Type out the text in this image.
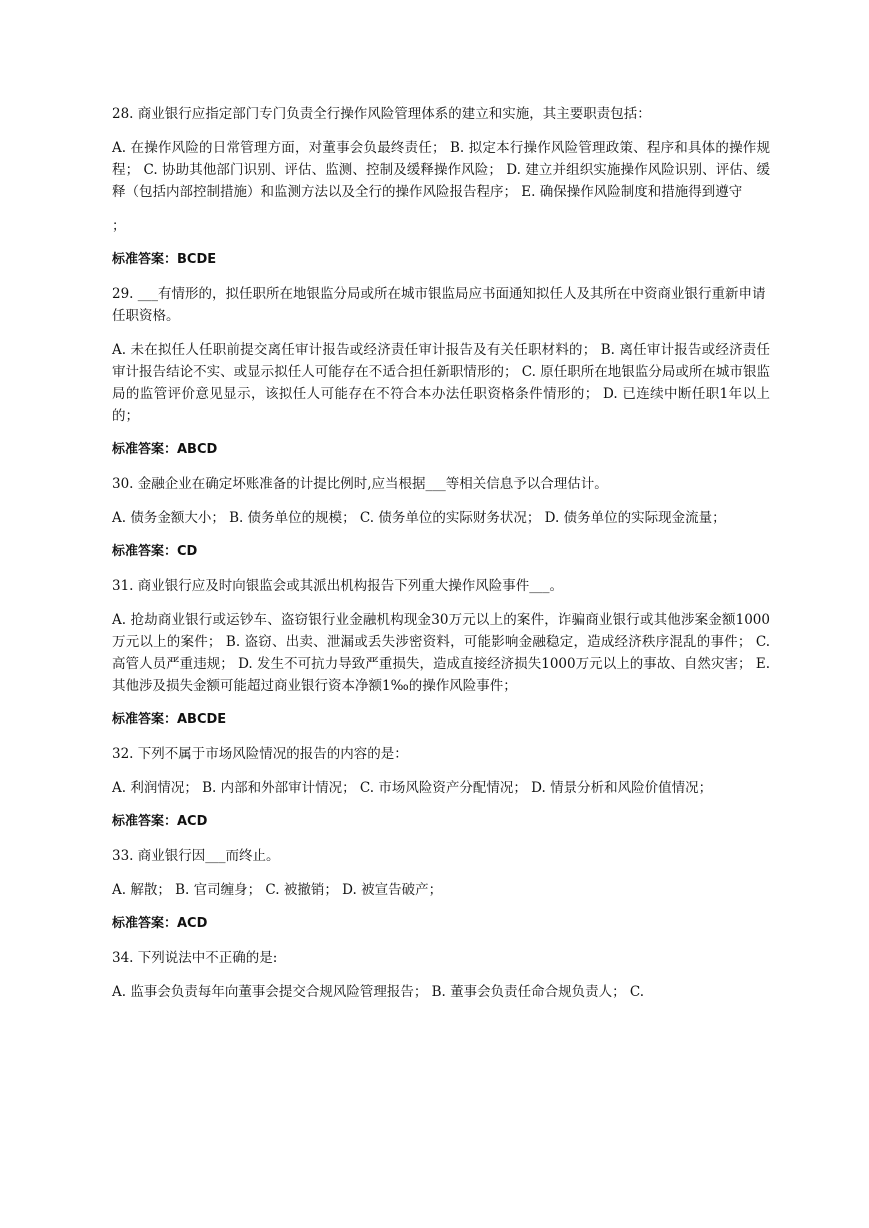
28. 商业银行应指定部门专门负责全行操作风险管理体系的建立和实施，其主要职责包括：

A. 在操作风险的日常管理方面，对董事会负最终责任； B. 拟定本行操作风险管理政策、程序和具体的操作规程； C. 协助其他部门识别、评估、监测、控制及缓释操作风险； D. 建立并组织实施操作风险识别、评估、缓释（包括内部控制措施）和监测方法以及全行的操作风险报告程序； E. 确保操作风险制度和措施得到遵守

；

标准答案：BCDE

29. ___有情形的，拟任职所在地银监分局或所在城市银监局应书面通知拟任人及其所在中资商业银行重新申请任职资格。

A. 未在拟任人任职前提交离任审计报告或经济责任审计报告及有关任职材料的； B. 离任审计报告或经济责任审计报告结论不实、或显示拟任人可能存在不适合担任新职情形的； C. 原任职所在地银监分局或所在城市银监局的监管评价意见显示，该拟任人可能存在不符合本办法任职资格条件情形的； D. 已连续中断任职1年以上的；

标准答案：ABCD

30. 金融企业在确定坏账准备的计提比例时,应当根据___等相关信息予以合理估计。

A. 债务金额大小； B. 债务单位的规模； C. 债务单位的实际财务状况； D. 债务单位的实际现金流量；

标准答案：CD

31. 商业银行应及时向银监会或其派出机构报告下列重大操作风险事件___。

A. 抢劫商业银行或运钞车、盗窃银行业金融机构现金30万元以上的案件，诈骗商业银行或其他涉案金额1000万元以上的案件； B. 盗窃、出卖、泄漏或丢失涉密资料，可能影响金融稳定，造成经济秩序混乱的事件； C. 高管人员严重违规； D. 发生不可抗力导致严重损失，造成直接经济损失1000万元以上的事故、自然灾害； E. 其他涉及损失金额可能超过商业银行资本净额1‰的操作风险事件；

标准答案：ABCDE

32. 下列不属于市场风险情况的报告的内容的是：

A. 利润情况； B. 内部和外部审计情况； C. 市场风险资产分配情况； D. 情景分析和风险价值情况；

标准答案：ACD

33. 商业银行因___而终止。

A. 解散； B. 官司缠身； C. 被撤销； D. 被宣告破产；

标准答案：ACD

34. 下列说法中不正确的是:

A. 监事会负责每年向董事会提交合规风险管理报告； B. 董事会负责任命合规负责人； C.
